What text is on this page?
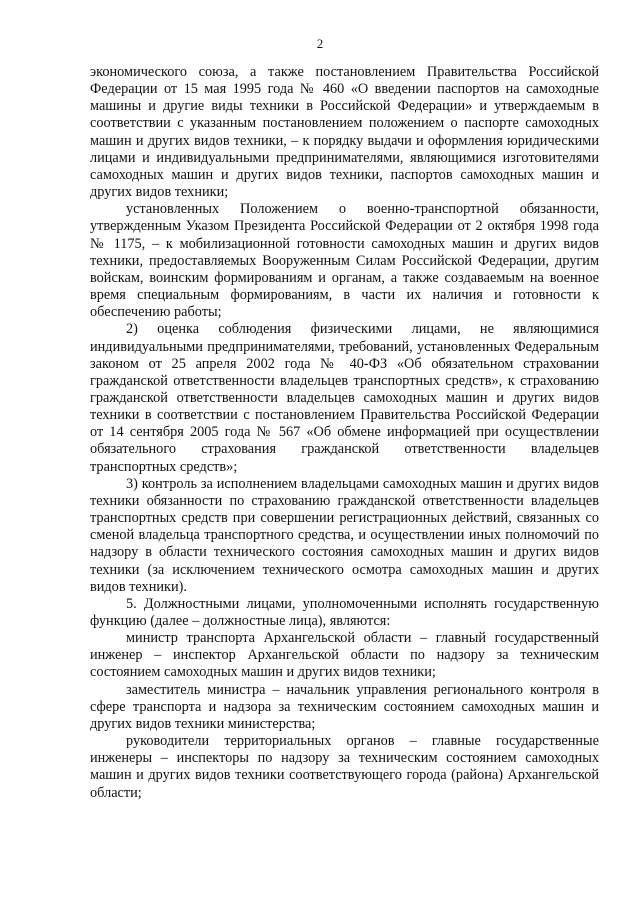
2

экономического союза, а также постановлением Правительства Российской Федерации от 15 мая 1995 года № 460 «О введении паспортов на самоходные машины и другие виды техники в Российской Федерации» и утверждаемым в соответствии с указанным постановлением положением о паспорте самоходных машин и других видов техники, – к порядку выдачи и оформления юридическими лицами и индивидуальными предпринимателями, являющимися изготовителями самоходных машин и других видов техники, паспортов самоходных машин и других видов техники;

установленных Положением о военно-транспортной обязанности, утвержденным Указом Президента Российской Федерации от 2 октября 1998 года № 1175, – к мобилизационной готовности самоходных машин и других видов техники, предоставляемых Вооруженным Силам Российской Федерации, другим войскам, воинским формированиям и органам, а также создаваемым на военное время специальным формированиям, в части их наличия и готовности к обеспечению работы;

2) оценка соблюдения физическими лицами, не являющимися индивидуальными предпринимателями, требований, установленных Федеральным законом от 25 апреля 2002 года № 40-ФЗ «Об обязательном страховании гражданской ответственности владельцев транспортных средств», к страхованию гражданской ответственности владельцев самоходных машин и других видов техники в соответствии с постановлением Правительства Российской Федерации от 14 сентября 2005 года № 567 «Об обмене информацией при осуществлении обязательного страхования гражданской ответственности владельцев транспортных средств»;

3) контроль за исполнением владельцами самоходных машин и других видов техники обязанности по страхованию гражданской ответственности владельцев транспортных средств при совершении регистрационных действий, связанных со сменой владельца транспортного средства, и осуществлении иных полномочий по надзору в области технического состояния самоходных машин и других видов техники (за исключением технического осмотра самоходных машин и других видов техники).

5. Должностными лицами, уполномоченными исполнять государственную функцию (далее – должностные лица), являются:

министр транспорта Архангельской области – главный государственный инженер – инспектор Архангельской области по надзору за техническим состоянием самоходных машин и других видов техники;

заместитель министра – начальник управления регионального контроля в сфере транспорта и надзора за техническим состоянием самоходных машин и других видов техники министерства;

руководители территориальных органов – главные государственные инженеры – инспекторы по надзору за техническим состоянием самоходных машин и других видов техники соответствующего города (района) Архангельской области;
